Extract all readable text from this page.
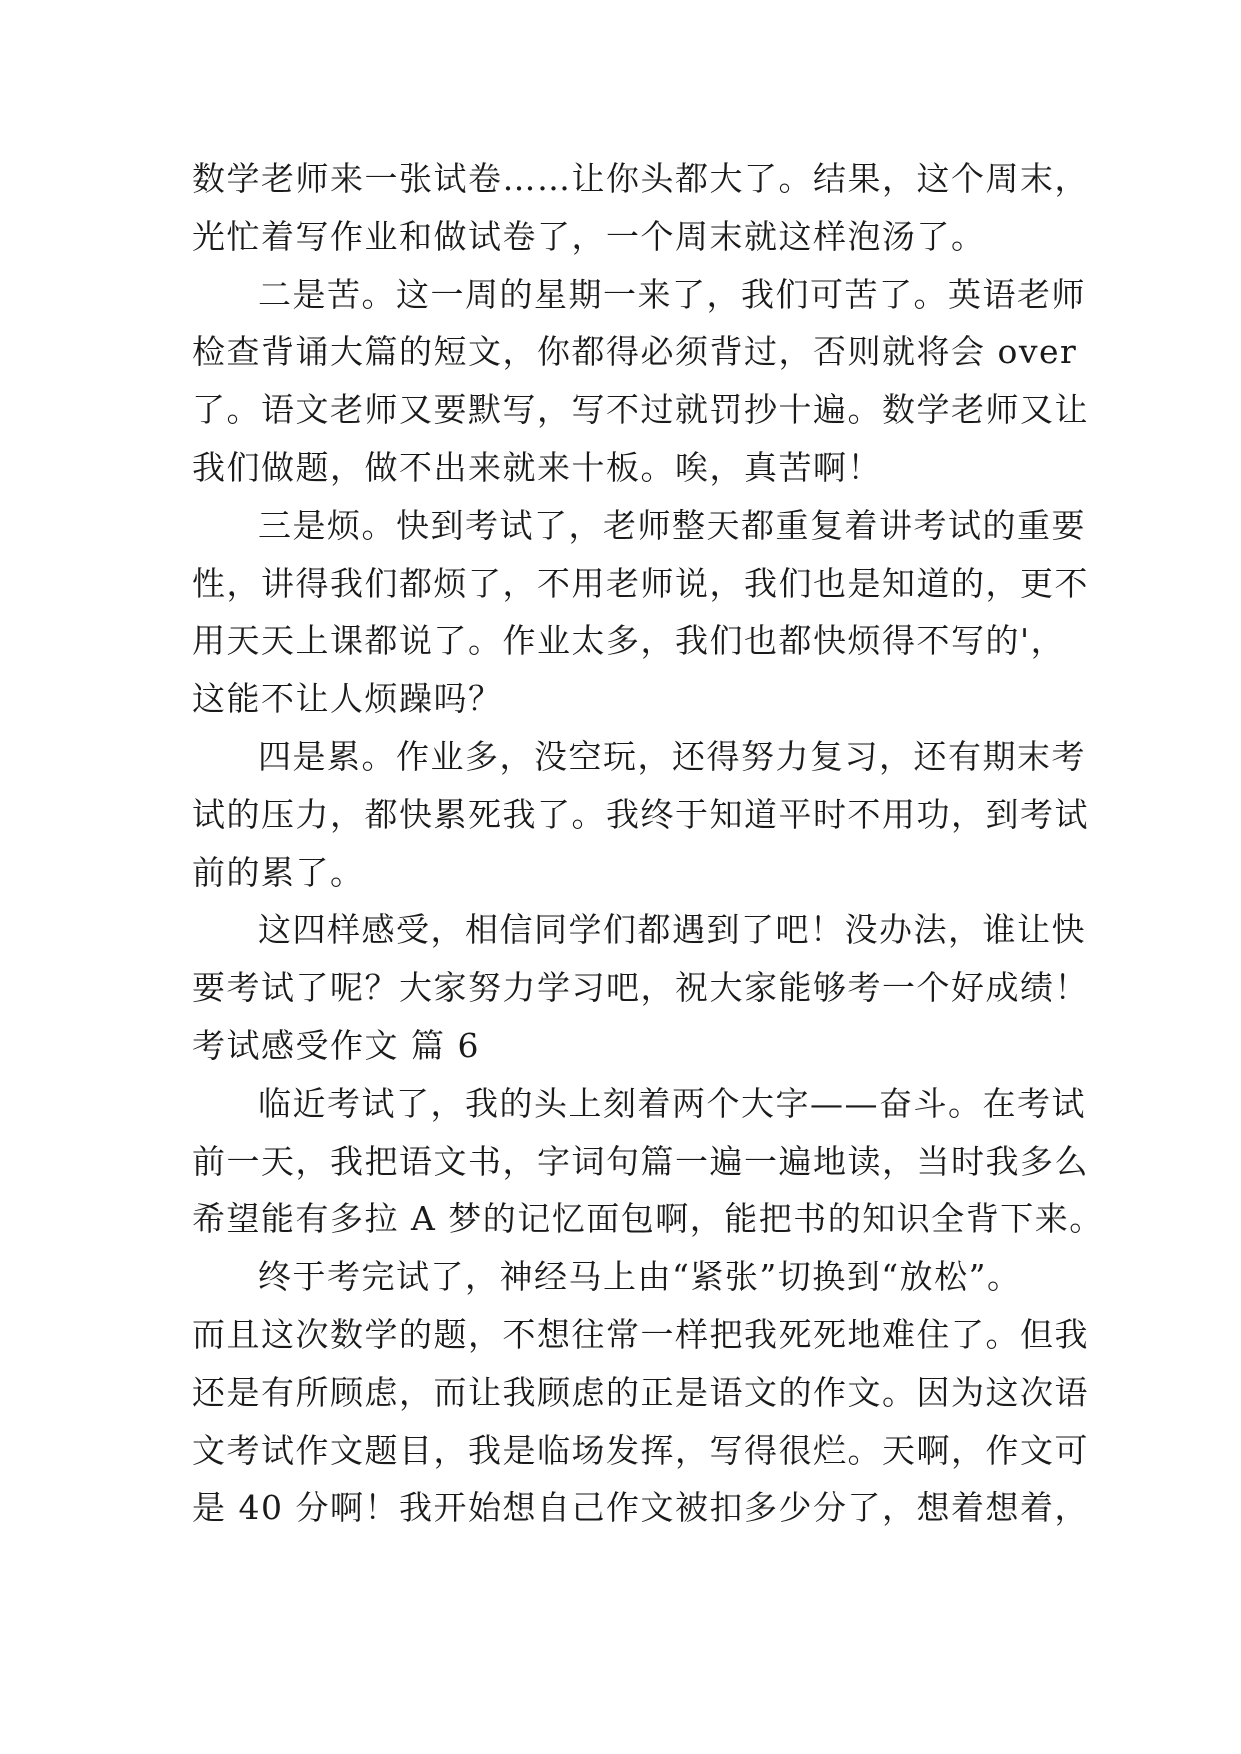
数学老师来一张试卷……让你头都大了。结果，这个周末，
光忙着写作业和做试卷了，一个周末就这样泡汤了。
二是苦。这一周的星期一来了，我们可苦了。英语老师
检查背诵大篇的短文，你都得必须背过，否则就将会 over
了。语文老师又要默写，写不过就罚抄十遍。数学老师又让
我们做题，做不出来就来十板。唉，真苦啊！
三是烦。快到考试了，老师整天都重复着讲考试的重要
性，讲得我们都烦了，不用老师说，我们也是知道的，更不
用天天上课都说了。作业太多，我们也都快烦得不写的'，
这能不让人烦躁吗？
四是累。作业多，没空玩，还得努力复习，还有期末考
试的压力，都快累死我了。我终于知道平时不用功，到考试
前的累了。
这四样感受，相信同学们都遇到了吧！没办法，谁让快
要考试了呢？大家努力学习吧，祝大家能够考一个好成绩！
考试感受作文 篇 6
临近考试了，我的头上刻着两个大字——奋斗。在考试
前一天，我把语文书，字词句篇一遍一遍地读，当时我多么
希望能有多拉 A 梦的记忆面包啊，能把书的知识全背下来。
终于考完试了，神经马上由“紧张”切换到“放松”。
而且这次数学的题，不想往常一样把我死死地难住了。但我
还是有所顾虑，而让我顾虑的正是语文的作文。因为这次语
文考试作文题目，我是临场发挥，写得很烂。天啊，作文可
是 40 分啊！我开始想自己作文被扣多少分了，想着想着，
